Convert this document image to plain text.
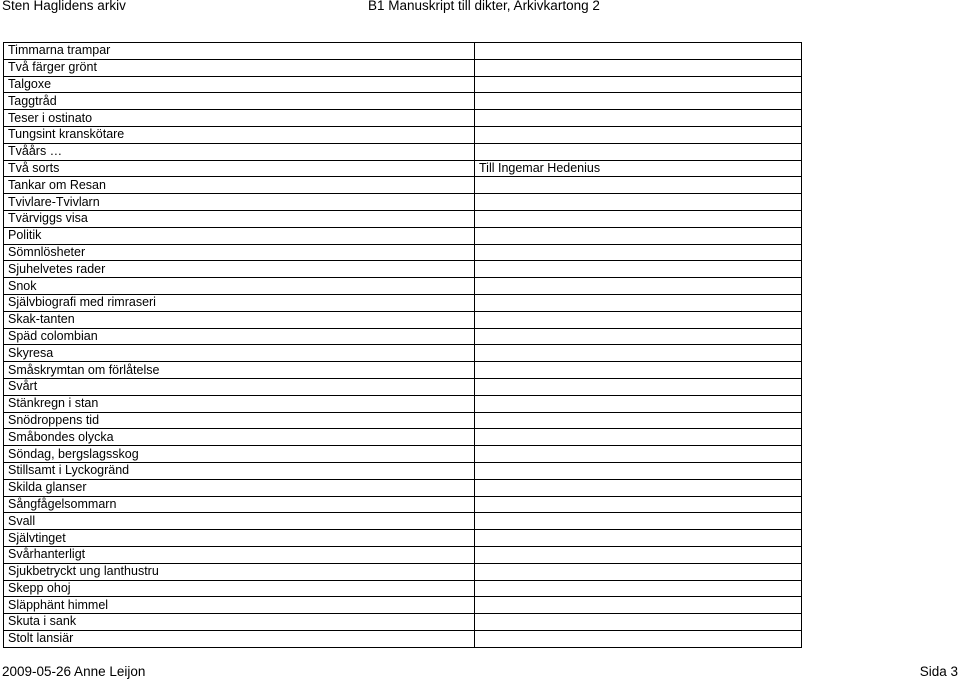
Sten Haglidens arkiv	B1 Manuskript till dikter, Arkivkartong 2
Timmarna trampar	
Två färger grönt	
Talgoxe	
Taggtråd	
Teser i ostinato	
Tungsint kranskötare	
Tvåårs …	
Två sorts	Till Ingemar Hedenius
Tankar om Resan	
Tvivlare-Tvivlarn	
Tvärviggs visa	
Politik	
Sömnlösheter	
Sjuhelvetes rader	
Snok	
Självbiografi med rimraseri	
Skak-tanten	
Späd colombian	
Skyresa	
Småskrymtan om förlåtelse	
Svårt	
Stänkregn i stan	
Snödroppens tid	
Småbondes olycka	
Söndag, bergslagsskog	
Stillsamt i Lyckogränd	
Skilda glanser	
Sångfågelsommarn	
Svall	
Självtinget	
Svårhanterligt	
Sjukbetryckt ung lanthustru	
Skepp ohoj	
Släpphänt himmel	
Skuta i sank	
Stolt lansiär	
2009-05-26 Anne Leijon	Sida 3
